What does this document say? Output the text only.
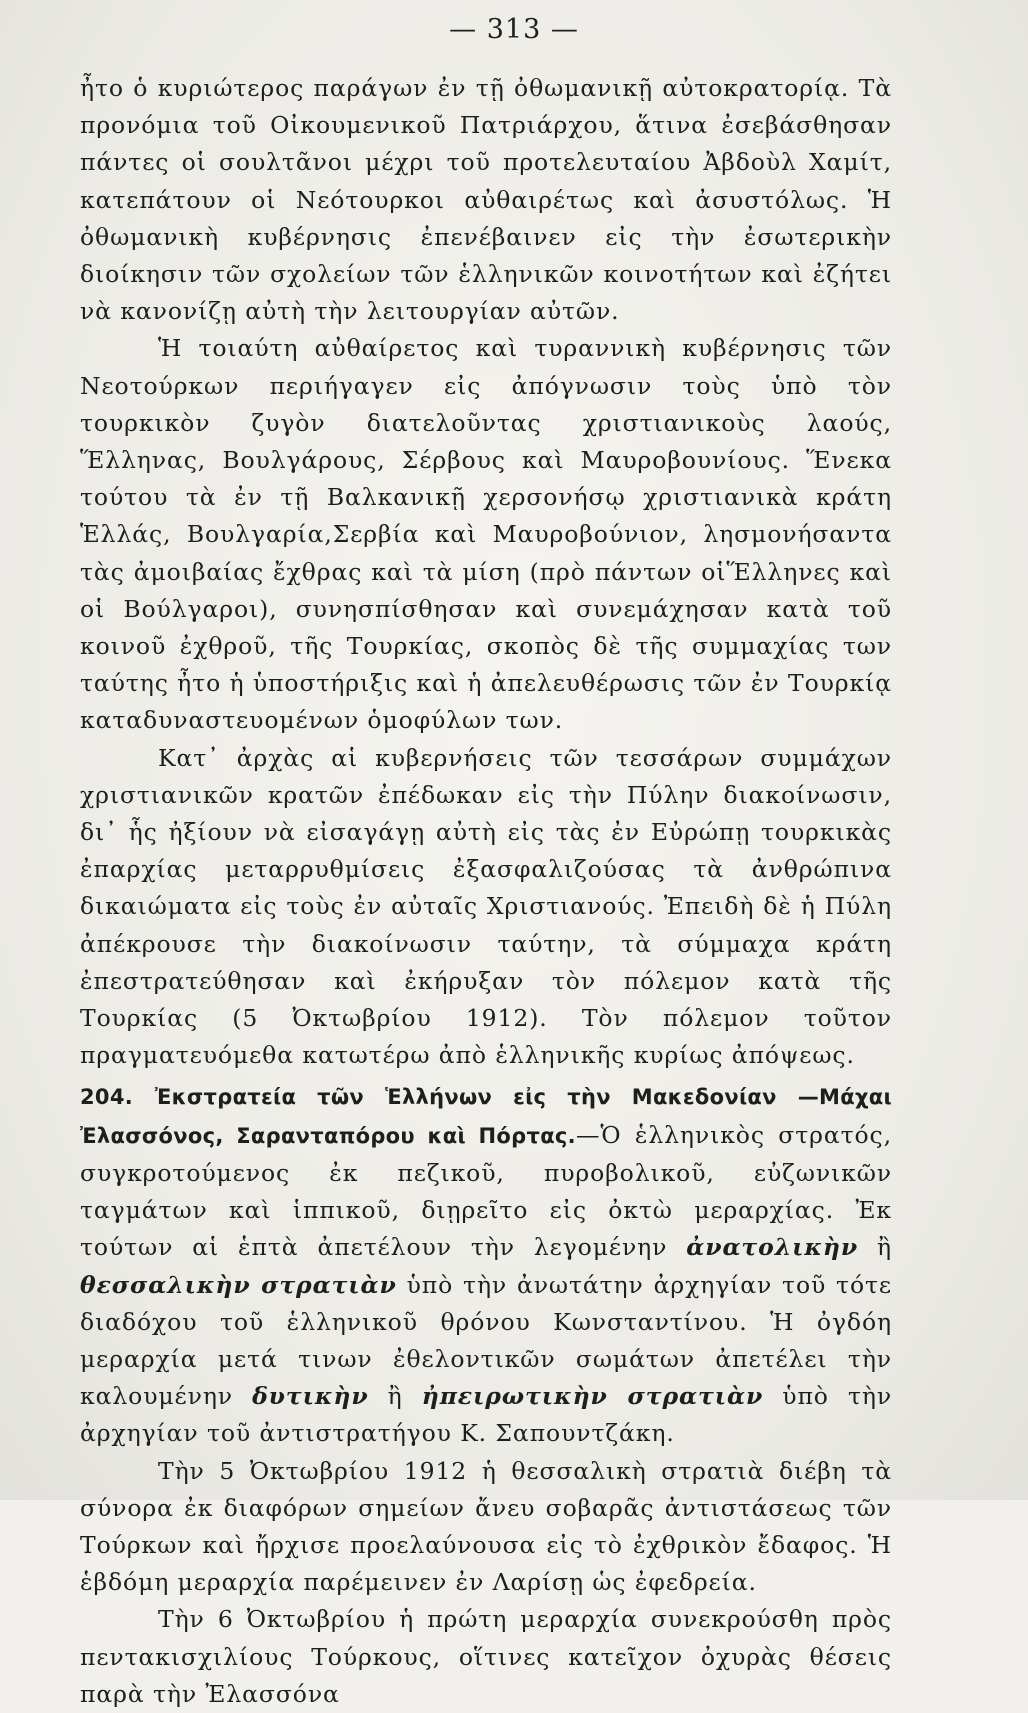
— 313 —

ἦτο ὁ κυριώτερος παράγων ἐν τῇ ὀθωμανικῇ αὐτοκρατορίᾳ. Τὰ προνόμια τοῦ Οἰκουμενικοῦ Πατριάρχου, ἅτινα ἐσεβάσθησαν πάντες οἱ σουλτᾶνοι μέχρι τοῦ προτελευταίου Ἀβδοὺλ Χαμίτ, κατεπάτουν οἱ Νεότουρκοι αὐθαιρέτως καὶ ἀσυστόλως. Ἡ ὀθωμανικὴ κυβέρνησις ἐπενέβαινεν εἰς τὴν ἐσωτερικὴν διοίκησιν τῶν σχολείων τῶν ἑλληνικῶν κοινοτήτων καὶ ἐζήτει νὰ κανονίζῃ αὐτὴ τὴν λειτουργίαν αὐτῶν.

Ἡ τοιαύτη αὐθαίρετος καὶ τυραννικὴ κυβέρνησις τῶν Νεοτούρκων περιήγαγεν εἰς ἀπόγνωσιν τοὺς ὑπὸ τὸν τουρκικὸν ζυγὸν διατελοῦντας χριστιανικοὺς λαούς, Ἕλληνας, Βουλγάρους, Σέρβους καὶ Μαυροβουνίους. Ἕνεκα τούτου τὰ ἐν τῇ Βαλκανικῇ χερσονήσῳ χριστιανικὰ κράτη Ἑλλάς, Βουλγαρία,Σερβία καὶ Μαυροβούνιον, λησμονήσαντα τὰς ἀμοιβαίας ἔχθρας καὶ τὰ μίση (πρὸ πάντων οἱἝλληνες καὶ οἱ Βούλγαροι), συνησπίσθησαν καὶ συνεμάχησαν κατὰ τοῦ κοινοῦ ἐχθροῦ, τῆς Τουρκίας, σκοπὸς δὲ τῆς συμμαχίας των ταύτης ἦτο ἡ ὑποστήριξις καὶ ἡ ἀπελευθέρωσις τῶν ἐν Τουρκίᾳ καταδυναστευομένων ὁμοφύλων των.

Κατ᾽ ἀρχὰς αἱ κυβερνήσεις τῶν τεσσάρων συμμάχων χριστιανικῶν κρατῶν ἐπέδωκαν εἰς τὴν Πύλην διακοίνωσιν, δι᾽ ἧς ἠξίουν νὰ εἰσαγάγῃ αὐτὴ εἰς τὰς ἐν Εὐρώπῃ τουρκικὰς ἐπαρχίας μεταρρυθμίσεις ἐξασφαλιζούσας τὰ ἀνθρώπινα δικαιώματα εἰς τοὺς ἐν αὐταῖς Χριστιανούς. Ἐπειδὴ δὲ ἡ Πύλη ἀπέκρουσε τὴν διακοίνωσιν ταύτην, τὰ σύμμαχα κράτη ἐπεστρατεύθησαν καὶ ἐκήρυξαν τὸν πόλεμον κατὰ τῆς Τουρκίας (5 Ὀκτωβρίου 1912). Τὸν πόλεμον τοῦτον πραγματευόμεθα κατωτέρω ἀπὸ ἑλληνικῆς κυρίως ἀπόψεως.

204. Ἐκστρατεία τῶν Ἑλλήνων εἰς τὴν Μακεδονίαν —Μάχαι Ἐλασσόνος, Σαρανταπόρου καὶ Πόρτας.—Ὁ ἑλληνικὸς στρατός, συγκροτούμενος ἐκ πεζικοῦ, πυροβολικοῦ, εὐζωνικῶν ταγμάτων καὶ ἱππικοῦ, διῃρεῖτο εἰς ὀκτὼ μεραρχίας. Ἐκ τούτων αἱ ἑπτὰ ἀπετέλουν τὴν λεγομένην ἀνατολικὴν ἢ θεσσαλικὴν στρατιὰν ὑπὸ τὴν ἀνωτάτην ἀρχηγίαν τοῦ τότε διαδόχου τοῦ ἑλληνικοῦ θρόνου Κωνσταντίνου. Ἡ ὀγδόη μεραρχία μετά τινων ἐθελοντικῶν σωμάτων ἀπετέλει τὴν καλουμένην δυτικὴν ἢ ἠπειρωτικὴν στρατιὰν ὑπὸ τὴν ἀρχηγίαν τοῦ ἀντιστρατήγου Κ. Σαπουντζάκη.

Τὴν 5 Ὀκτωβρίου 1912 ἡ θεσσαλικὴ στρατιὰ διέβη τὰ σύνορα ἐκ διαφόρων σημείων ἄνευ σοβαρᾶς ἀντιστάσεως τῶν Τούρκων καὶ ἤρχισε προελαύνουσα εἰς τὸ ἐχθρικὸν ἔδαφος. Ἡ ἑβδόμη μεραρχία παρέμεινεν ἐν Λαρίσῃ ὡς ἐφεδρεία.

Τὴν 6 Ὀκτωβρίου ἡ πρώτη μεραρχία συνεκρούσθη πρὸς πεντακισχιλίους Τούρκους, οἵτινες κατεῖχον ὀχυρὰς θέσεις παρὰ τὴν Ἐλασσόνα
